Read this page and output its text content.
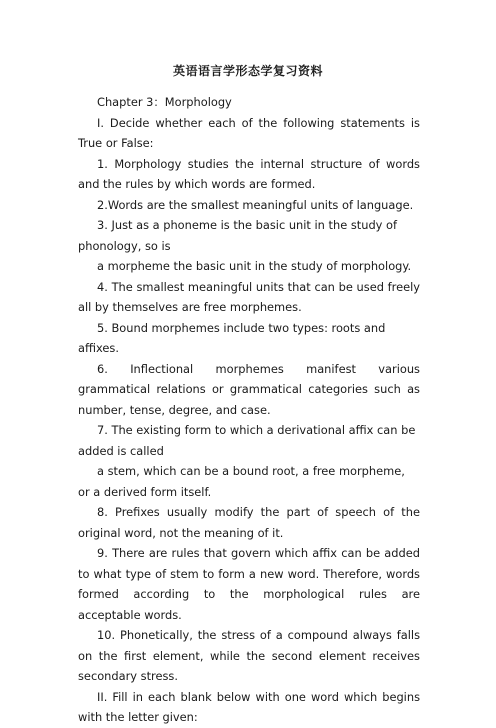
英语语言学形态学复习资料

Chapter 3：Morphology

I. Decide whether each of the following statements is True or False:

1. Morphology studies the internal structure of words and the rules by which words are formed.

2.Words are the smallest meaningful units of language.

3. Just as a phoneme is the basic unit in the study of phonology, so is

a morpheme the basic unit in the study of morphology.

4. The smallest meaningful units that can be used freely all by themselves are free morphemes.

5. Bound morphemes include two types: roots and affixes.

6. Inflectional morphemes manifest various grammatical relations or grammatical categories such as number, tense, degree, and case.

7. The existing form to which a derivational affix can be added is called

a stem, which can be a bound root, a free morpheme, or a derived form itself.

8. Prefixes usually modify the part of speech of the original word, not the meaning of it.

9. There are rules that govern which affix can be added to what type of stem to form a new word. Therefore, words formed according to the morphological rules are acceptable words.

10. Phonetically, the stress of a compound always falls on the first element, while the second element receives secondary stress.

II. Fill in each blank below with one word which begins with the letter given:
